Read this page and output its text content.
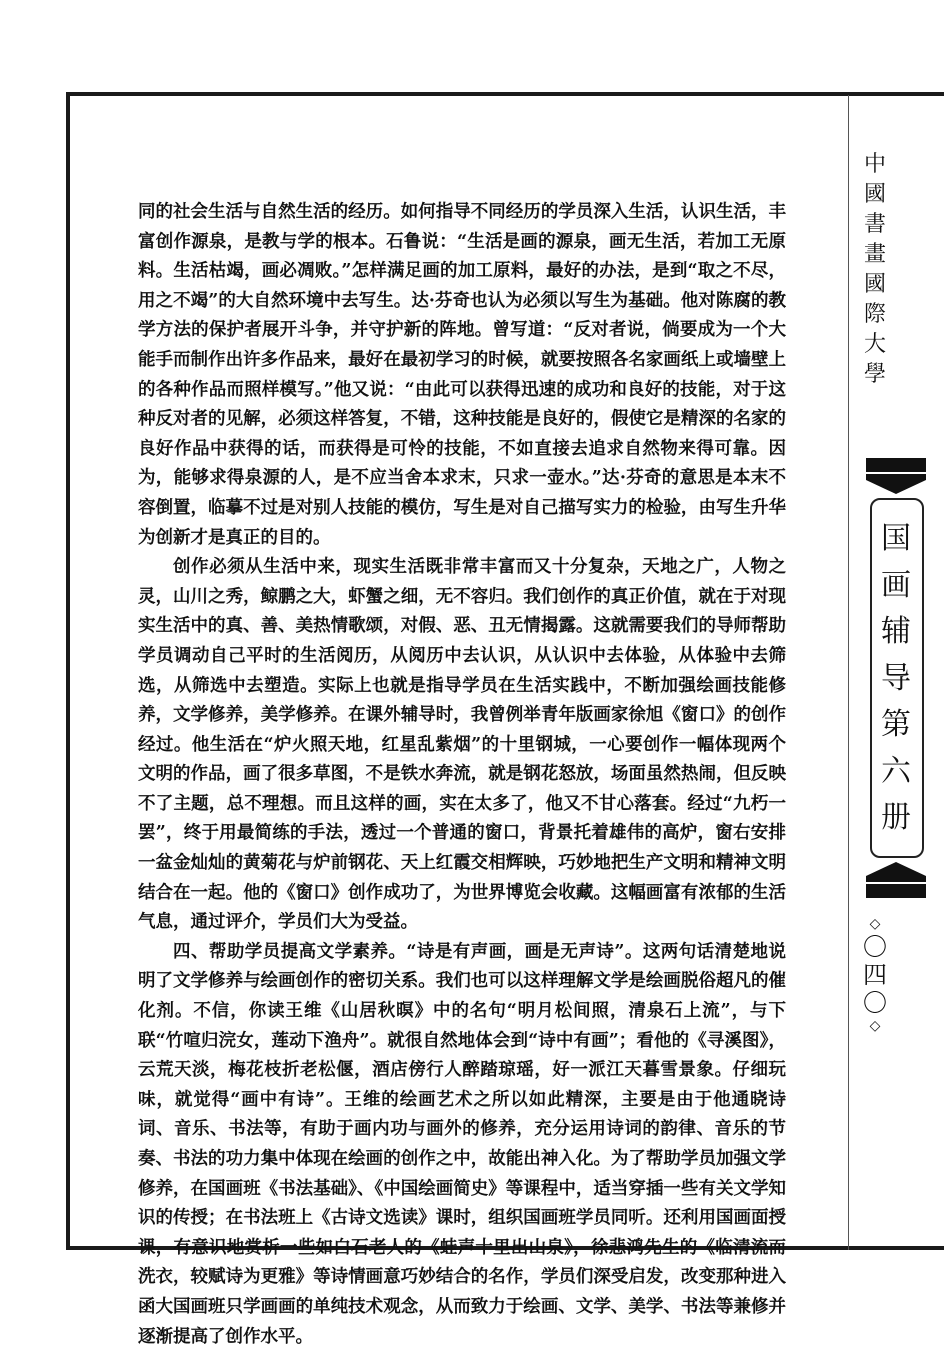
同的社会生活与自然生活的经历。如何指导不同经历的学员深入生活，认识生活，丰富创作源泉，是教与学的根本。石鲁说：“生活是画的源泉，画无生活，若加工无原料。生活枯竭，画必凋败。”怎样满足画的加工原料，最好的办法，是到“取之不尽，用之不竭”的大自然环境中去写生。达·芬奇也认为必须以写生为基础。他对陈腐的教学方法的保护者展开斗争，并守护新的阵地。曾写道：“反对者说，倘要成为一个大能手而制作出许多作品来，最好在最初学习的时候，就要按照各名家画纸上或墙壁上的各种作品而照样模写。”他又说：“由此可以获得迅速的成功和良好的技能，对于这种反对者的见解，必须这样答复，不错，这种技能是良好的，假使它是精深的名家的良好作品中获得的话，而获得是可怜的技能，不如直接去追求自然物来得可靠。因为，能够求得泉源的人，是不应当舍本求末，只求一壶水。”达·芬奇的意思是本末不容倒置，临摹不过是对别人技能的模仿，写生是对自己描写实力的检验，由写生升华为创新才是真正的目的。

创作必须从生活中来，现实生活既非常丰富而又十分复杂，天地之广，人物之灵，山川之秀，鲸鹏之大，虾蟹之细，无不容归。我们创作的真正价值，就在于对现实生活中的真、善、美热情歌颂，对假、恶、丑无情揭露。这就需要我们的导师帮助学员调动自己平时的生活阅历，从阅历中去认识，从认识中去体验，从体验中去筛选，从筛选中去塑造。实际上也就是指导学员在生活实践中，不断加强绘画技能修养，文学修养，美学修养。在课外辅导时，我曾例举青年版画家徐旭《窗口》的创作经过。他生活在“炉火照天地，红星乱紫烟”的十里钢城，一心要创作一幅体现两个文明的作品，画了很多草图，不是铁水奔流，就是钢花怒放，场面虽然热闹，但反映不了主题，总不理想。而且这样的画，实在太多了，他又不甘心落套。经过“九朽一罢”，终于用最简练的手法，透过一个普通的窗口，背景托着雄伟的高炉，窗右安排一盆金灿灿的黄菊花与炉前钢花、天上红霞交相辉映，巧妙地把生产文明和精神文明结合在一起。他的《窗口》创作成功了，为世界博览会收藏。这幅画富有浓郁的生活气息，通过评介，学员们大为受益。

四、帮助学员提高文学素养。“诗是有声画，画是无声诗”。这两句话清楚地说明了文学修养与绘画创作的密切关系。我们也可以这样理解文学是绘画脱俗超凡的催化剂。不信，你读王维《山居秋暝》中的名句“明月松间照，清泉石上流”，与下联“竹喧归浣女，莲动下渔舟”。就很自然地体会到“诗中有画”；看他的《寻溪图》，云荒天淡，梅花枝折老松偃，酒店傍行人醉踏琼瑶，好一派江天暮雪景象。仔细玩味，就觉得“画中有诗”。王维的绘画艺术之所以如此精深，主要是由于他通晓诗词、音乐、书法等，有助于画内功与画外的修养，充分运用诗词的韵律、音乐的节奏、书法的功力集中体现在绘画的创作之中，故能出神入化。为了帮助学员加强文学修养，在国画班《书法基础》、《中国绘画简史》等课程中，适当穿插一些有关文学知识的传授；在书法班上《古诗文选读》课时，组织国画班学员同听。还利用国画面授课，有意识地赏析一些如白石老人的《蛙声十里出山泉》，徐悲鸿先生的《临清流而洗衣，较赋诗为更雅》等诗情画意巧妙结合的名作，学员们深受启发，改变那种进入函大国画班只学画画的单纯技术观念，从而致力于绘画、文学、美学、书法等兼修并逐渐提高了创作水平。

中
國
書
畫
國
際
大
學
国
画
辅
导
第
六
册
◇
〇
四
〇
◇
